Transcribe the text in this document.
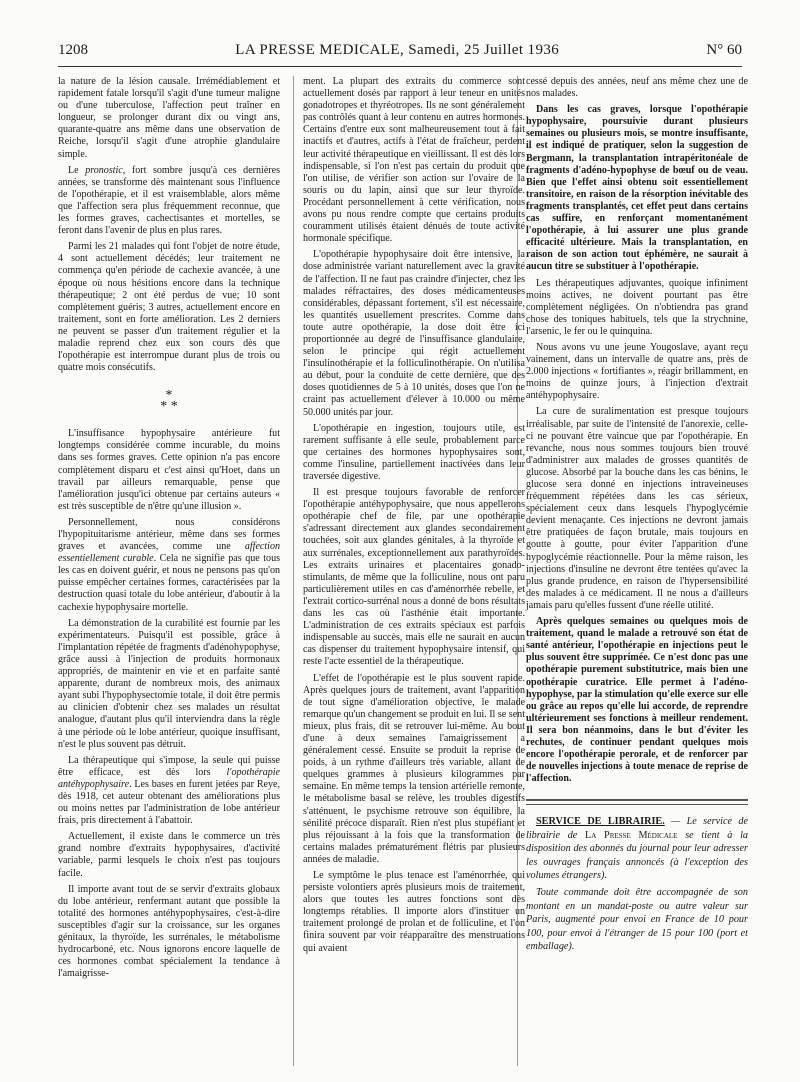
1208	LA PRESSE MEDICALE, Samedi, 25 Juillet 1936	N° 60

la nature de la lésion causale. Irrémédiablement et rapidement fatale lorsqu'il s'agit d'une tumeur maligne ou d'une tuberculose, l'affection peut traîner en longueur, se prolonger durant dix ou vingt ans, quarante-quatre ans même dans une observation de Reiche, lorsqu'il s'agit d'une atrophie glandulaire simple.

Le pronostic, fort sombre jusqu'à ces dernières années, se transforme dès maintenant sous l'influence de l'opothérapie, et il est vraisemblable, alors même que l'affection sera plus fréquemment reconnue, que les formes graves, cachectisantes et mortelles, se feront dans l'avenir de plus en plus rares.

Parmi les 21 malades qui font l'objet de notre étude, 4 sont actuellement décédés; leur traitement ne commença qu'en période de cachexie avancée, à une époque où nous hésitions encore dans la technique thérapeutique; 2 ont été perdus de vue; 10 sont complètement guéris; 3 autres, actuellement encore en traitement, sont en forte amélioration. Les 2 derniers ne peuvent se passer d'un traitement régulier et la maladie reprend chez eux son cours dès que l'opothérapie est interrompue durant plus de trois ou quatre mois consécutifs.

*
* *

L'insuffisance hypophysaire antérieure fut longtemps considérée comme incurable, du moins dans ses formes graves. Cette opinion n'a pas encore complètement disparu et c'est ainsi qu'Hoet, dans un travail par ailleurs remarquable, pense que l'amélioration jusqu'ici obtenue par certains auteurs « est très susceptible de n'être qu'une illusion ».

Personnellement, nous considérons l'hypopituitarisme antérieur, même dans ses formes graves et avancées, comme une affection essentiellement curable. Cela ne signifie pas que tous les cas en doivent guérir, et nous ne pensons pas qu'on puisse empêcher certaines formes, caractérisées par la destruction quasi totale du lobe antérieur, d'aboutir à la cachexie hypophysaire mortelle.

La démonstration de la curabilité est fournie par les expérimentateurs. Puisqu'il est possible, grâce à l'implantation répétée de fragments d'adénohypophyse, grâce aussi à l'injection de produits hormonaux appropriés, de maintenir en vie et en parfaite santé apparente, durant de nombreux mois, des animaux ayant subi l'hypophysectomie totale, il doit être permis au clinicien d'obtenir chez ses malades un résultat analogue, d'autant plus qu'il interviendra dans la règle à une période où le lobe antérieur, quoique insuffisant, n'est le plus souvent pas détruit.

La thérapeutique qui s'impose, la seule qui puisse être efficace, est dès lors l'opothérapie antéhypophysaire. Les bases en furent jetées par Reye, dès 1918, cet auteur obtenant des améliorations plus ou moins nettes par l'administration de lobe antérieur frais, pris directement à l'abattoir.

Actuellement, il existe dans le commerce un très grand nombre d'extraits hypophysaires, d'activité variable, parmi lesquels le choix n'est pas toujours facile.

Il importe avant tout de se servir d'extraits globaux du lobe antérieur, renfermant autant que possible la totalité des hormones antéhypophysaires, c'est-à-dire susceptibles d'agir sur la croissance, sur les organes génitaux, la thyroïde, les surrénales, le métabolisme hydrocarboné, etc. Nous ignorons encore laquelle de ces hormones combat spécialement la tendance à l'amaigrisse-

ment. La plupart des extraits du commerce sont actuellement dosés par rapport à leur teneur en unités gonadotropes et thyréotropes. Ils ne sont généralement pas contrôlés quant à leur contenu en autres hormones. Certains d'entre eux sont malheureusement tout à fait inactifs et d'autres, actifs à l'état de fraîcheur, perdent leur activité thérapeutique en vieillissant. Il est dès lors indispensable, si l'on n'est pas certain du produit que l'on utilise, de vérifier son action sur l'ovaire de la souris ou du lapin, ainsi que sur leur thyroïde. Procédant personnellement à cette vérification, nous avons pu nous rendre compte que certains produits couramment utilisés étaient dénués de toute activité hormonale spécifique.

L'opothérapie hypophysaire doit être intensive, la dose administrée variant naturellement avec la gravité de l'affection. Il ne faut pas craindre d'injecter, chez les malades réfractaires, des doses médicamenteuses considérables, dépassant fortement, s'il est nécessaire, les quantités usuellement prescrites. Comme dans toute autre opothérapie, la dose doit être ici proportionnée au degré de l'insuffisance glandulaire, selon le principe qui régit actuellement l'insulinothérapie et la folliculinothérapie. On n'utilisa au début, pour la conduite de cette dernière, que des doses quotidiennes de 5 à 10 unités, doses que l'on ne craint pas actuellement d'élever à 10.000 ou même 50.000 unités par jour.

L'opothérapie en ingestion, toujours utile, est rarement suffisante à elle seule, probablement parce que certaines des hormones hypophysaires sont, comme l'insuline, partiellement inactivées dans leur traversée digestive.

Il est presque toujours favorable de renforcer l'opothérapie antéhypophysaire, que nous appellerons opothérapie chef de file, par une opothérapie s'adressant directement aux glandes secondairement touchées, soit aux glandes génitales, à la thyroïde et aux surrénales, exceptionnellement aux parathyroïdes. Les extraits urinaires et placentaires gonado-stimulants, de même que la folliculine, nous ont paru particulièrement utiles en cas d'aménorrhée rebelle, et l'extrait cortico-surrénal nous a donné de bons résultats dans les cas où l'asthénie était importante. L'administration de ces extraits spéciaux est parfois indispensable au succès, mais elle ne saurait en aucun cas dispenser du traitement hypophysaire intensif, qui reste l'acte essentiel de la thérapeutique.

L'effet de l'opothérapie est le plus souvent rapide. Après quelques jours de traitement, avant l'apparition de tout signe d'amélioration objective, le malade remarque qu'un changement se produit en lui. Il se sent mieux, plus frais, dit se retrouver lui-même. Au bout d'une à deux semaines l'amaigrissement a généralement cessé. Ensuite se produit la reprise de poids, à un rythme d'ailleurs très variable, allant de quelques grammes à plusieurs kilogrammes par semaine. En même temps la tension artérielle remonte, le métabolisme basal se relève, les troubles digestifs s'atténuent, le psychisme retrouve son équilibre, la sénilité précoce disparaît. Rien n'est plus stupéfiant et plus réjouissant à la fois que la transformation de certains malades prématurément flétris par plusieurs années de maladie.

Le symptôme le plus tenace est l'aménorrhée, qui persiste volontiers après plusieurs mois de traitement, alors que toutes les autres fonctions sont dès longtemps rétablies. Il importe alors d'instituer un traitement prolongé de prolan et de folliculine, et l'on finira souvent par voir réapparaître des menstruations qui avaient

cessé depuis des années, neuf ans même chez une de nos malades.

Dans les cas graves, lorsque l'opothérapie hypophysaire, poursuivie durant plusieurs semaines ou plusieurs mois, se montre insuffisante, il est indiqué de pratiquer, selon la suggestion de Bergmann, la transplantation intrapéritonéale de fragments d'adéno-hypophyse de bœuf ou de veau. Bien que l'effet ainsi obtenu soit essentiellement transitoire, en raison de la résorption inévitable des fragments transplantés, cet effet peut dans certains cas suffire, en renforçant momentanément l'opothérapie, à lui assurer une plus grande efficacité ultérieure. Mais la transplantation, en raison de son action tout éphémère, ne saurait à aucun titre se substituer à l'opothérapie.

Les thérapeutiques adjuvantes, quoique infiniment moins actives, ne doivent pourtant pas être complètement négligées. On n'obtiendra pas grand chose des toniques habituels, tels que la strychnine, l'arsenic, le fer ou le quinquina.

Nous avons vu une jeune Yougoslave, ayant reçu vainement, dans un intervalle de quatre ans, près de 2.000 injections « fortifiantes », réagir brillamment, en moins de quinze jours, à l'injection d'extrait antéhypophysaire.

La cure de suralimentation est presque toujours irréalisable, par suite de l'intensité de l'anorexie, celle-ci ne pouvant être vaincue que par l'opothérapie. En revanche, nous nous sommes toujours bien trouvé d'administrer aux malades de grosses quantités de glucose. Absorbé par la bouche dans les cas bénins, le glucose sera donné en injections intraveineuses fréquemment répétées dans les cas sérieux, spécialement ceux dans lesquels l'hypoglycémie devient menaçante. Ces injections ne devront jamais être pratiquées de façon brutale, mais toujours en goutte à goutte, pour éviter l'apparition d'une hypoglycémie réactionnelle. Pour la même raison, les injections d'insuline ne devront être tentées qu'avec la plus grande prudence, en raison de l'hypersensibilité des malades à ce médicament. Il ne nous a d'ailleurs jamais paru qu'elles fussent d'une réelle utilité.

Après quelques semaines ou quelques mois de traitement, quand le malade a retrouvé son état de santé antérieur, l'opothérapie en injections peut le plus souvent être supprimée. Ce n'est donc pas une opothérapie purement substitutrice, mais bien une opothérapie curatrice. Elle permet à l'adéno-hypophyse, par la stimulation qu'elle exerce sur elle ou grâce au repos qu'elle lui accorde, de reprendre ultérieurement ses fonctions à meilleur rendement. Il sera bon néanmoins, dans le but d'éviter les rechutes, de continuer pendant quelques mois encore l'opothérapie perorale, et de renforcer par de nouvelles injections à toute menace de reprise de l'affection.

SERVICE DE LIBRAIRIE. — Le service de librairie de La Presse Médicale se tient à la disposition des abonnés du journal pour leur adresser les ouvrages français annoncés (à l'exception des volumes étrangers).

Toute commande doit être accompagnée de son montant en un mandat-poste ou autre valeur sur Paris, augmenté pour envoi en France de 10 pour 100, pour envoi à l'étranger de 15 pour 100 (port et emballage).
